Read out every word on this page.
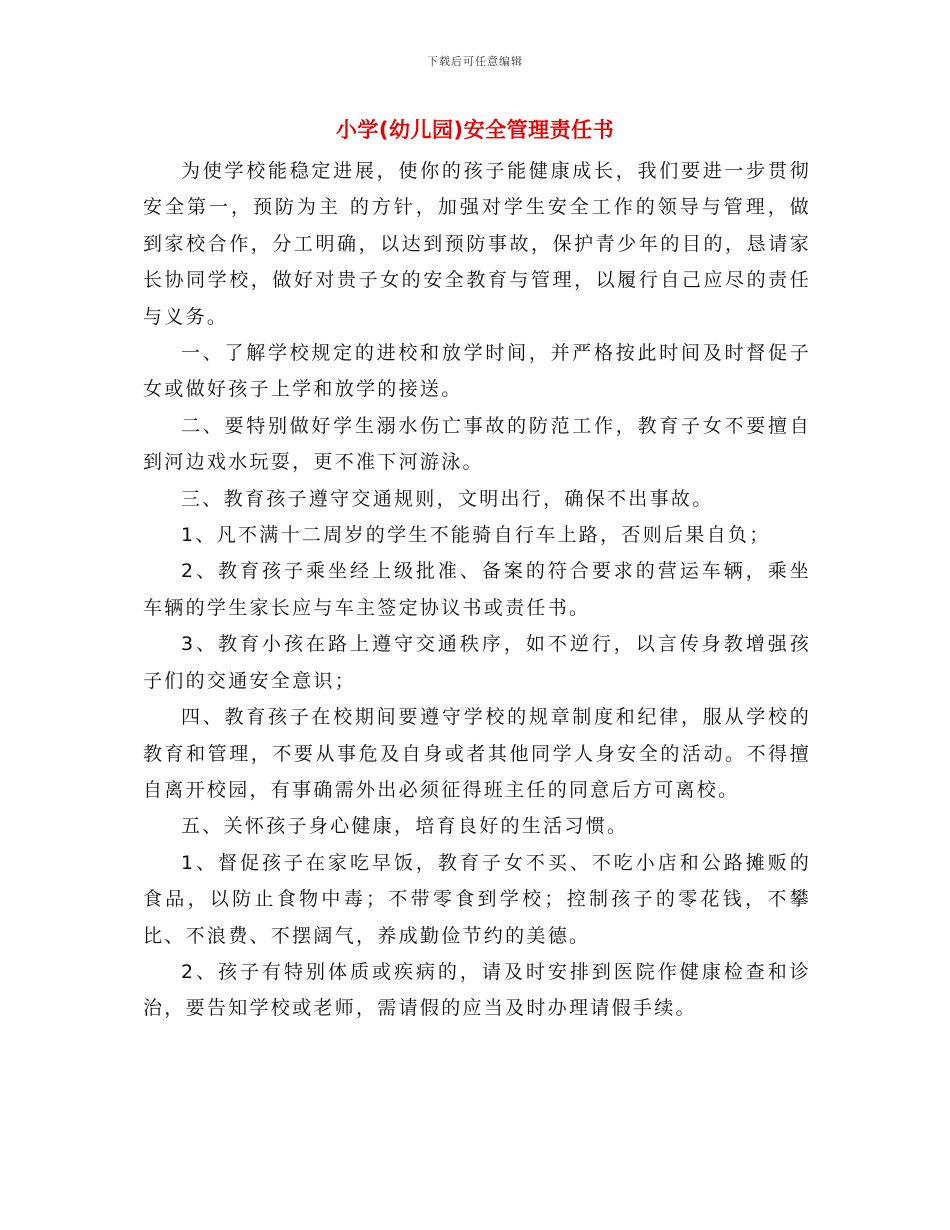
下载后可任意编辑
小学(幼儿园)安全管理责任书

为使学校能稳定进展，使你的孩子能健康成长，我们要进一步贯彻 安全第一，预防为主 的方针，加强对学生安全工作的领导与管理，做到家校合作，分工明确，以达到预防事故，保护青少年的目的，恳请家长协同学校，做好对贵子女的安全教育与管理，以履行自己应尽的责任与义务。

一、了解学校规定的进校和放学时间，并严格按此时间及时督促子女或做好孩子上学和放学的接送。

二、要特别做好学生溺水伤亡事故的防范工作，教育子女不要擅自到河边戏水玩耍，更不准下河游泳。

三、教育孩子遵守交通规则，文明出行，确保不出事故。

1、凡不满十二周岁的学生不能骑自行车上路，否则后果自负；

2、教育孩子乘坐经上级批准、备案的符合要求的营运车辆，乘坐车辆的学生家长应与车主签定协议书或责任书。

3、教育小孩在路上遵守交通秩序，如不逆行，以言传身教增强孩子们的交通安全意识；

四、教育孩子在校期间要遵守学校的规章制度和纪律，服从学校的教育和管理，不要从事危及自身或者其他同学人身安全的活动。不得擅自离开校园，有事确需外出必须征得班主任的同意后方可离校。

五、关怀孩子身心健康，培育良好的生活习惯。

1、督促孩子在家吃早饭，教育子女不买、不吃小店和公路摊贩的食品，以防止食物中毒；不带零食到学校；控制孩子的零花钱，不攀比、不浪费、不摆阔气，养成勤俭节约的美德。

2、孩子有特别体质或疾病的，请及时安排到医院作健康检查和诊治，要告知学校或老师，需请假的应当及时办理请假手续。
